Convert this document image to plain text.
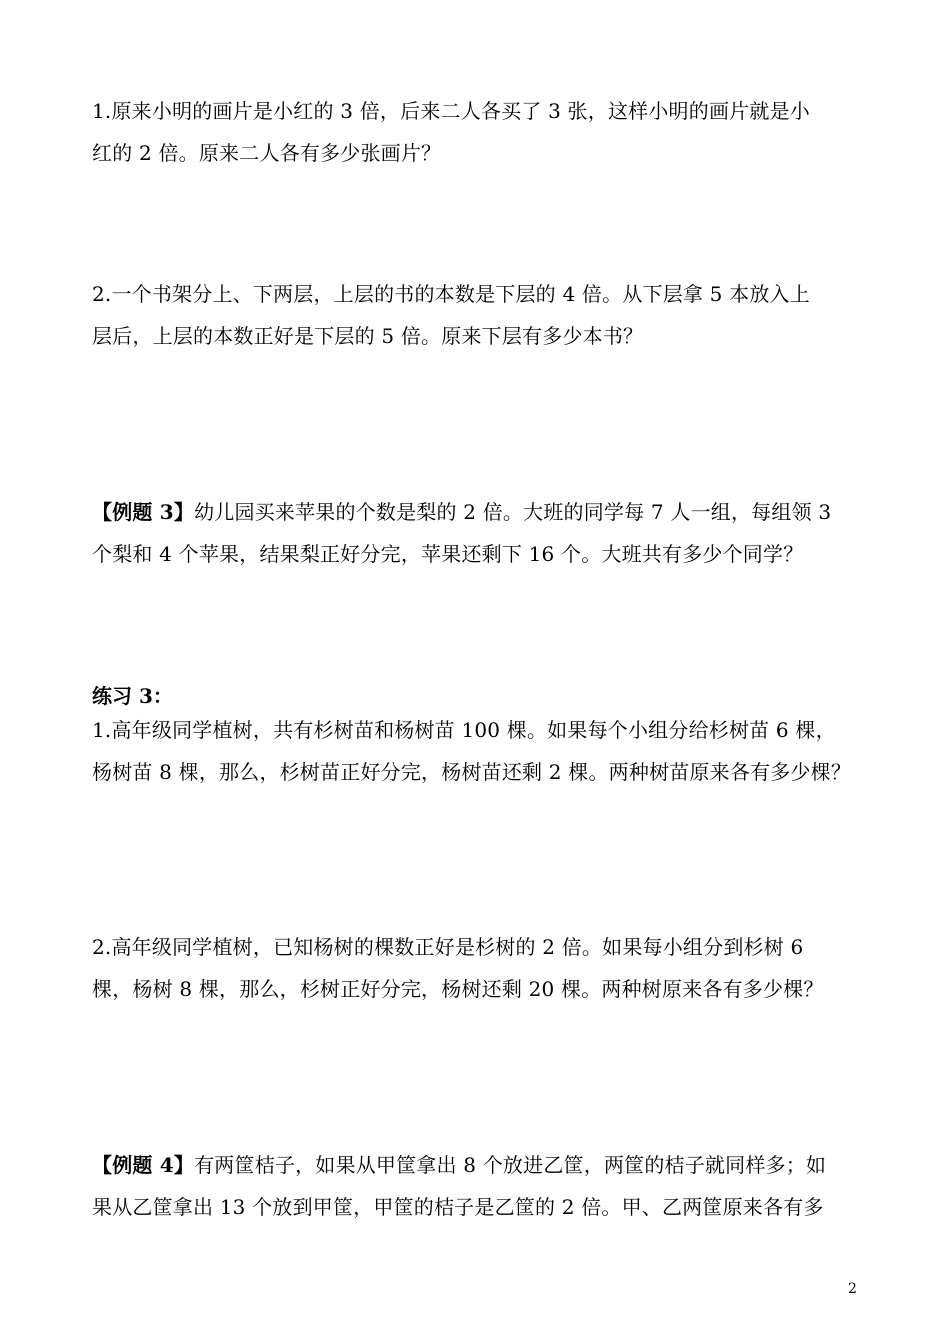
1.原来小明的画片是小红的 3 倍，后来二人各买了 3 张，这样小明的画片就是小
红的 2 倍。原来二人各有多少张画片？
2.一个书架分上、下两层，上层的书的本数是下层的 4 倍。从下层拿 5 本放入上
层后，上层的本数正好是下层的 5 倍。原来下层有多少本书？
【例题 3】幼儿园买来苹果的个数是梨的 2 倍。大班的同学每 7 人一组，每组领 3
个梨和 4 个苹果，结果梨正好分完，苹果还剩下 16 个。大班共有多少个同学？
练习 3：
1.高年级同学植树，共有杉树苗和杨树苗 100 棵。如果每个小组分给杉树苗 6 棵，
杨树苗 8 棵，那么，杉树苗正好分完，杨树苗还剩 2 棵。两种树苗原来各有多少棵？
2.高年级同学植树，已知杨树的棵数正好是杉树的 2 倍。如果每小组分到杉树 6
棵，杨树 8 棵，那么，杉树正好分完，杨树还剩 20 棵。两种树原来各有多少棵？
【例题 4】有两筐桔子，如果从甲筐拿出 8 个放进乙筐，两筐的桔子就同样多；如
果从乙筐拿出 13 个放到甲筐，甲筐的桔子是乙筐的 2 倍。甲、乙两筐原来各有多
2
